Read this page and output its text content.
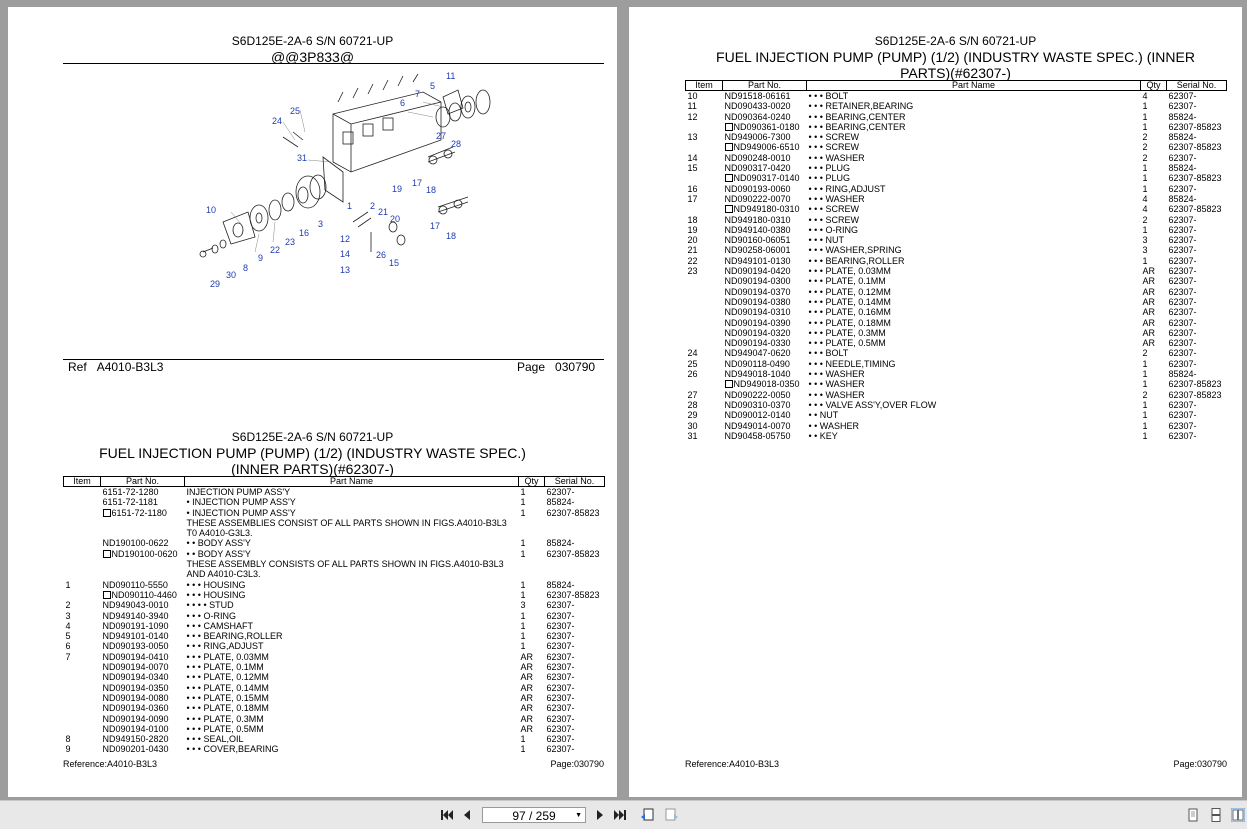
S6D125E-2A-6 S/N 60721-UP
@@3P833@
25
24
31
6
7
5
11
27
28
19
17
18
20
21
2
1
3
16
10
9
22
23	12
14	26
15
13
8
30
29
17
18
Ref A4010-B3L3	Page 030790
S6D125E-2A-6 S/N 60721-UP
FUEL INJECTION PUMP (PUMP) (1/2) (INDUSTRY WASTE SPEC.) (INNER PARTS)(#62307-)
Item	Part No.	Part Name	Qty	Serial No.
	6151-72-1280	INJECTION PUMP ASS'Y	1	62307-
	6151-72-1181	• INJECTION PUMP ASS'Y	1	85824-
	6151-72-1180	• INJECTION PUMP ASS'Y	1	62307-85823
		THESE ASSEMBLIES CONSIST OF ALL PARTS SHOWN IN FIGS.A4010-B3L3 T0 A4010-G3L3.		
	ND190100-0622	• • BODY ASS'Y	1	85824-
	ND190100-0620	• • BODY ASS'Y	1	62307-85823
		THESE ASSEMBLY CONSISTS OF ALL PARTS SHOWN IN FIGS.A4010-B3L3 AND A4010-C3L3.		
1	ND090110-5550	• • • HOUSING	1	85824-
	ND090110-4460	• • • HOUSING	1	62307-85823
2	ND949043-0010	• • • • STUD	3	62307-
3	ND949140-3940	• • • O-RING	1	62307-
4	ND090191-1090	• • • CAMSHAFT	1	62307-
5	ND949101-0140	• • • BEARING,ROLLER	1	62307-
6	ND090193-0050	• • • RING,ADJUST	1	62307-
7	ND090194-0410	• • • PLATE, 0.03MM	AR	62307-
	ND090194-0070	• • • PLATE, 0.1MM	AR	62307-
	ND090194-0340	• • • PLATE, 0.12MM	AR	62307-
	ND090194-0350	• • • PLATE, 0.14MM	AR	62307-
	ND090194-0080	• • • PLATE, 0.15MM	AR	62307-
	ND090194-0360	• • • PLATE, 0.18MM	AR	62307-
	ND090194-0090	• • • PLATE, 0.3MM	AR	62307-
	ND090194-0100	• • • PLATE, 0.5MM	AR	62307-
8	ND949150-2820	• • • SEAL,OIL	1	62307-
9	ND090201-0430	• • • COVER,BEARING	1	62307-
Reference:A4010-B3L3	Page:030790
S6D125E-2A-6 S/N 60721-UP
FUEL INJECTION PUMP (PUMP) (1/2) (INDUSTRY WASTE SPEC.) (INNER PARTS)(#62307-)
Item	Part No.	Part Name	Qty	Serial No.
10	ND91518-06161	• • • BOLT	4	62307-
11	ND090433-0020	• • • RETAINER,BEARING	1	62307-
12	ND090364-0240	• • • BEARING,CENTER	1	85824-
	ND090361-0180	• • • BEARING,CENTER	1	62307-85823
13	ND949006-7300	• • • SCREW	2	85824-
	ND949006-6510	• • • SCREW	2	62307-85823
14	ND090248-0010	• • • WASHER	2	62307-
15	ND090317-0420	• • • PLUG	1	85824-
	ND090317-0140	• • • PLUG	1	62307-85823
16	ND090193-0060	• • • RING,ADJUST	1	62307-
17	ND090222-0070	• • • WASHER	4	85824-
	ND949180-0310	• • • SCREW	4	62307-85823
18	ND949180-0310	• • • SCREW	2	62307-
19	ND949140-0380	• • • O-RING	1	62307-
20	ND90160-06051	• • • NUT	3	62307-
21	ND90258-06001	• • • WASHER,SPRING	3	62307-
22	ND949101-0130	• • • BEARING,ROLLER	1	62307-
23	ND090194-0420	• • • PLATE, 0.03MM	AR	62307-
	ND090194-0300	• • • PLATE, 0.1MM	AR	62307-
	ND090194-0370	• • • PLATE, 0.12MM	AR	62307-
	ND090194-0380	• • • PLATE, 0.14MM	AR	62307-
	ND090194-0310	• • • PLATE, 0.16MM	AR	62307-
	ND090194-0390	• • • PLATE, 0.18MM	AR	62307-
	ND090194-0320	• • • PLATE, 0.3MM	AR	62307-
	ND090194-0330	• • • PLATE, 0.5MM	AR	62307-
24	ND949047-0620	• • • BOLT	2	62307-
25	ND090118-0490	• • • NEEDLE,TIMING	1	62307-
26	ND949018-1040	• • • WASHER	1	85824-
	ND949018-0350	• • • WASHER	1	62307-85823
27	ND090222-0050	• • • WASHER	2	62307-85823
28	ND090310-0370	• • • VALVE ASS'Y,OVER FLOW	1	62307-
29	ND090012-0140	• • NUT	1	62307-
30	ND949014-0070	• • WASHER	1	62307-
31	ND90458-05750	• • KEY	1	62307-
Reference:A4010-B3L3	Page:030790
97 / 259	▼
